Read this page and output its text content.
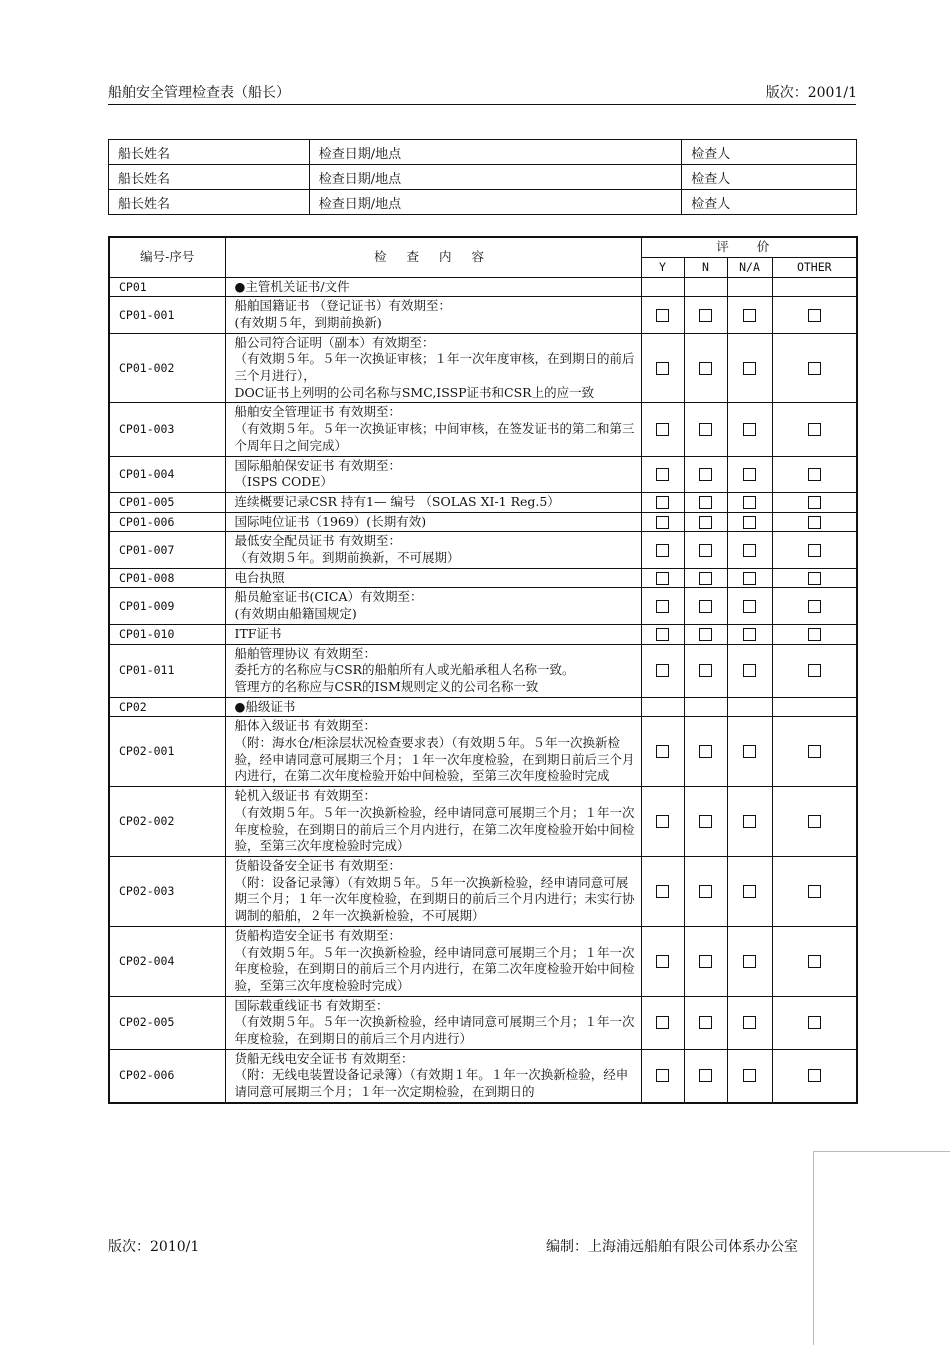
船舶安全管理检查表（船长）	版次：2001/1
船长姓名	检查日期/地点	检查人
船长姓名	检查日期/地点	检查人
船长姓名	检查日期/地点	检查人
编号-序号	检 查 内 容	评 价			
		Y	N	N/A	OTHER
CP01	●主管机关证书/文件				

CP01-001	船舶国籍证书 （登记证书）有效期至：
(有效期５年，到期前换新)				

CP01-002	船公司符合证明（副本）有效期至：
（有效期５年。５年一次换证审核；１年一次年度审核，在到期日的前后三个月进行），
DOC证书上列明的公司名称与SMC,ISSP证书和CSR上的应一致				

CP01-003	船舶安全管理证书 有效期至：
（有效期５年。５年一次换证审核；中间审核，在签发证书的第二和第三个周年日之间完成）				

CP01-004	国际船舶保安证书 有效期至：
（ISPS CODE）				

CP01-005	连续概要记录CSR 持有1— 编号 （SOLAS XI-1 Reg.5）				

CP01-006	国际吨位证书（1969）(长期有效)				

CP01-007	最低安全配员证书 有效期至：
（有效期５年。到期前换新，不可展期）				

CP01-008	电台执照				

CP01-009	船员舱室证书(CICA）有效期至：
(有效期由船籍国规定)				

CP01-010	ITF证书				

CP01-011	船舶管理协议 有效期至：
委托方的名称应与CSR的船舶所有人或光船承租人名称一致。
管理方的名称应与CSR的ISM规则定义的公司名称一致				

CP02	●船级证书				

CP02-001	船体入级证书 有效期至：
（附：海水仓/柜涂层状况检查要求表）（有效期５年。５年一次换新检验，经申请同意可展期三个月；１年一次年度检验，在到期日前后三个月内进行，在第二次年度检验开始中间检验，至第三次年度检验时完成				

CP02-002	轮机入级证书 有效期至：
（有效期５年。５年一次换新检验，经申请同意可展期三个月；１年一次年度检验，在到期日的前后三个月内进行，在第二次年度检验开始中间检验，至第三次年度检验时完成）				

CP02-003	货船设备安全证书 有效期至：
（附：设备记录簿）（有效期５年。５年一次换新检验，经申请同意可展期三个月；１年一次年度检验，在到期日的前后三个月内进行；未实行协调制的船舶，２年一次换新检验，不可展期）				

CP02-004	货船构造安全证书 有效期至：
（有效期５年。５年一次换新检验，经申请同意可展期三个月；１年一次年度检验，在到期日的前后三个月内进行，在第二次年度检验开始中间检验，至第三次年度检验时完成）				

CP02-005	国际载重线证书 有效期至：
（有效期５年。５年一次换新检验，经申请同意可展期三个月；１年一次年度检验，在到期日的前后三个月内进行）				

CP02-006	货船无线电安全证书 有效期至：
（附：无线电装置设备记录簿）（有效期１年。１年一次换新检验，经申请同意可展期三个月；１年一次定期检验，在到期日的				

版次：2010/1	编制：上海浦远船舶有限公司体系办公室
